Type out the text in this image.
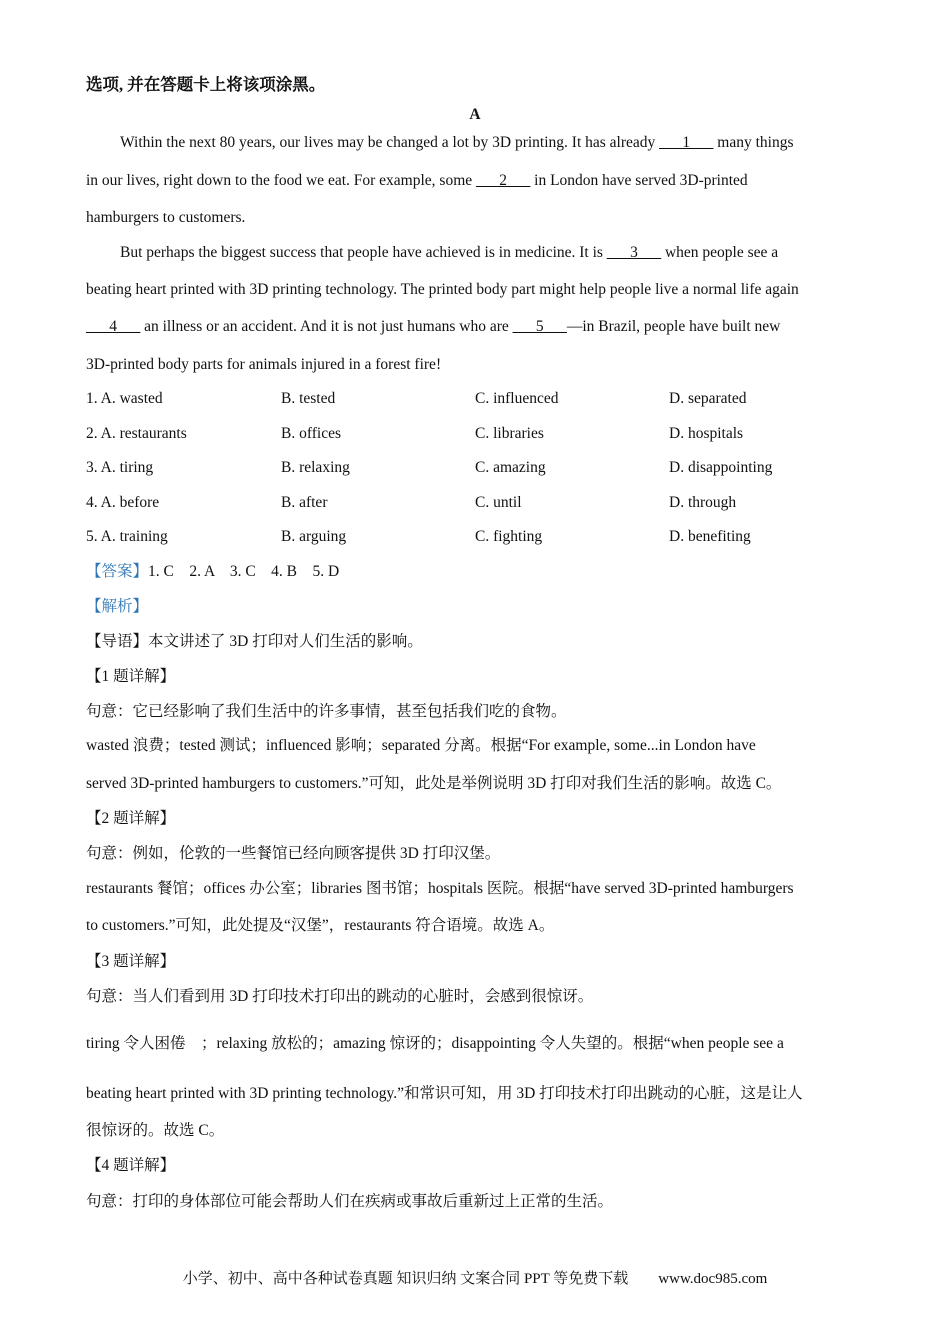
选项, 并在答题卡上将该项涂黑。
A
Within the next 80 years, our lives may be changed a lot by 3D printing. It has already ___1___ many things
in our lives, right down to the food we eat. For example, some ___2___ in London have served 3D-printed
hamburgers to customers.
But perhaps the biggest success that people have achieved is in medicine. It is ___3___ when people see a
beating heart printed with 3D printing technology. The printed body part might help people live a normal life again
___4___ an illness or an accident. And it is not just humans who are ___5___—in Brazil, people have built new
3D-printed body parts for animals injured in a forest fire!
1. A. wasted	B. tested	C. influenced	D. separated
2. A. restaurants	B. offices	C. libraries	D. hospitals
3. A. tiring	B. relaxing	C. amazing	D. disappointing
4. A. before	B. after	C. until	D. through
5. A. training	B. arguing	C. fighting	D. benefiting
【答案】1. C　2. A　3. C　4. B　5. D
【解析】
【导语】本文讲述了 3D 打印对人们生活的影响。
【1 题详解】
句意：它已经影响了我们生活中的许多事情，甚至包括我们吃的食物。
wasted 浪费；tested 测试；influenced 影响；separated 分离。根据“For example, some...in London have
served 3D-printed hamburgers to customers.”可知，此处是举例说明 3D 打印对我们生活的影响。故选 C。
【2 题详解】
句意：例如，伦敦的一些餐馆已经向顾客提供 3D 打印汉堡。
restaurants 餐馆；offices 办公室；libraries 图书馆；hospitals 医院。根据“have served 3D-printed hamburgers
to customers.”可知，此处提及“汉堡”，restaurants 符合语境。故选 A。
【3 题详解】
句意：当人们看到用 3D 打印技术打印出的跳动的心脏时，会感到很惊讶。
tiring 令人困倦　；relaxing 放松的；amazing 惊讶的；disappointing 令人失望的。根据“when people see a
beating heart printed with 3D printing technology.”和常识可知，用 3D 打印技术打印出跳动的心脏，这是让人
很惊讶的。故选 C。
【4 题详解】
句意：打印的身体部位可能会帮助人们在疾病或事故后重新过上正常的生活。
小学、初中、高中各种试卷真题 知识归纳 文案合同 PPT 等免费下载　　www.doc985.com
